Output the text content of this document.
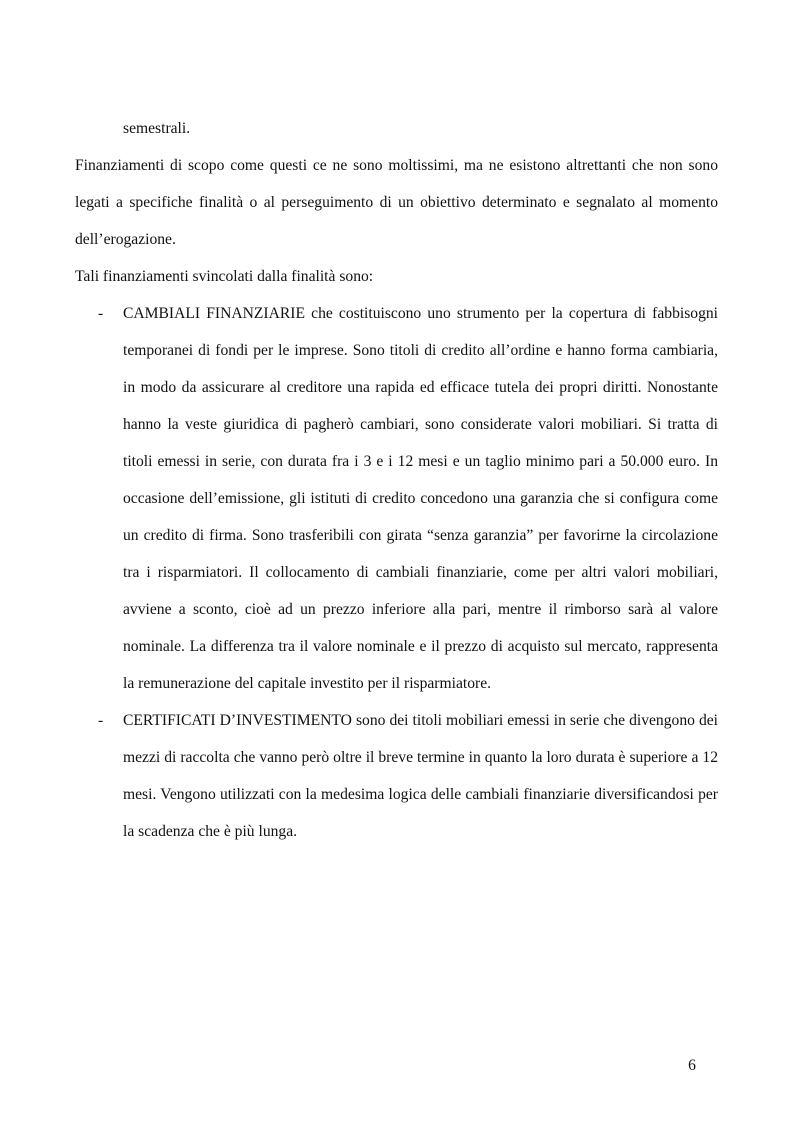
semestrali.

Finanziamenti di scopo come questi ce ne sono moltissimi, ma ne esistono altrettanti che non sono legati a specifiche finalità o al perseguimento di un obiettivo determinato e segnalato al momento dell’erogazione.

Tali finanziamenti svincolati dalla finalità sono:

- CAMBIALI FINANZIARIE che costituiscono uno strumento per la copertura di fabbisogni temporanei di fondi per le imprese. Sono titoli di credito all’ordine e hanno forma cambiaria, in modo da assicurare al creditore una rapida ed efficace tutela dei propri diritti. Nonostante hanno la veste giuridica di pagherò cambiari, sono considerate valori mobiliari. Si tratta di titoli emessi in serie, con durata fra i 3 e i 12 mesi e un taglio minimo pari a 50.000 euro. In occasione dell’emissione, gli istituti di credito concedono una garanzia che si configura come un credito di firma. Sono trasferibili con girata “senza garanzia” per favorirne la circolazione tra i risparmiatori. Il collocamento di cambiali finanziarie, come per altri valori mobiliari, avviene a sconto, cioè ad un prezzo inferiore alla pari, mentre il rimborso sarà al valore nominale. La differenza tra il valore nominale e il prezzo di acquisto sul mercato, rappresenta la remunerazione del capitale investito per il risparmiatore.
- CERTIFICATI D’INVESTIMENTO sono dei titoli mobiliari emessi in serie che divengono dei mezzi di raccolta che vanno però oltre il breve termine in quanto la loro durata è superiore a 12 mesi. Vengono utilizzati con la medesima logica delle cambiali finanziarie diversificandosi per la scadenza che è più lunga.
6
